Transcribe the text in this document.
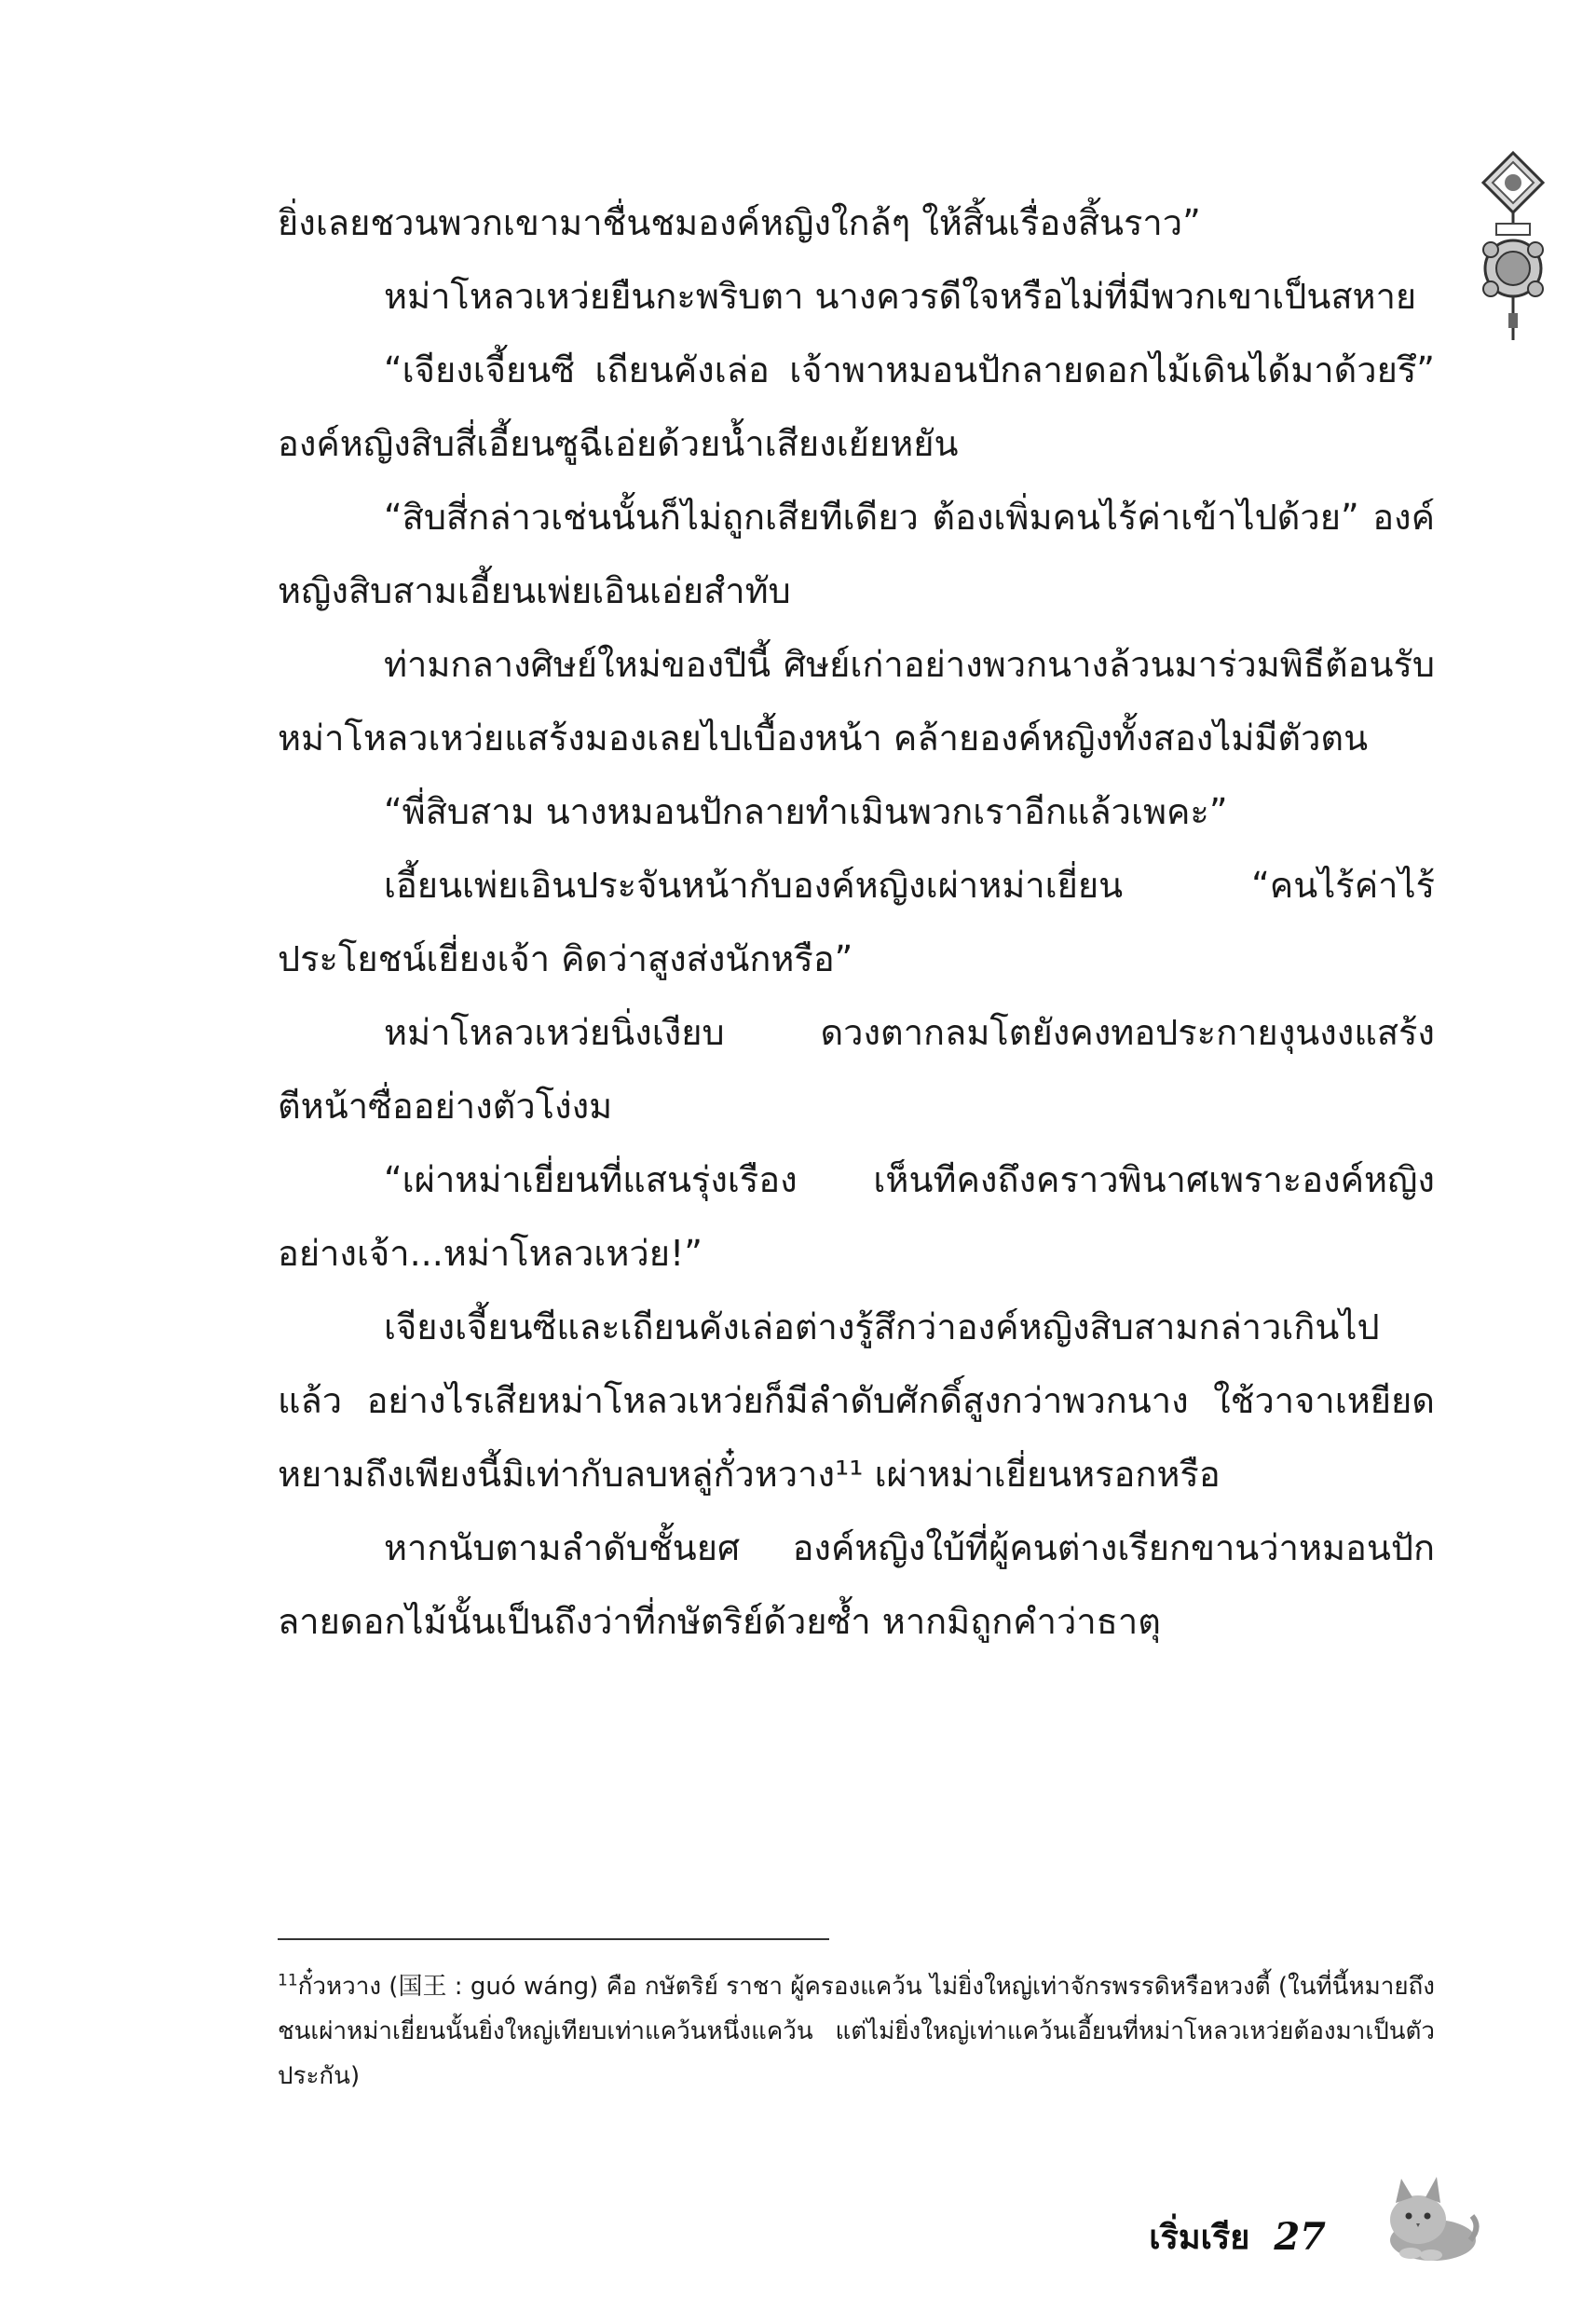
ยิ่งเลยชวนพวกเขามาชื่นชมองค์หญิงใกล้ๆ ให้สิ้นเรื่องสิ้นราว”

หม่าโหลวเหว่ยยืนกะพริบตา นางควรดีใจหรือไม่ที่มีพวกเขาเป็นสหาย

“เจียงเจี้ยนซี เถียนคังเล่อ เจ้าพาหมอนปักลายดอกไม้เดินได้มาด้วยรึ” องค์หญิงสิบสี่เอี้ยนซูฉีเอ่ยด้วยน้ำเสียงเย้ยหยัน

“สิบสี่กล่าวเช่นนั้นก็ไม่ถูกเสียทีเดียว ต้องเพิ่มคนไร้ค่าเข้าไปด้วย” องค์หญิงสิบสามเอี้ยนเพ่ยเอินเอ่ยสำทับ

ท่ามกลางศิษย์ใหม่ของปีนี้ ศิษย์เก่าอย่างพวกนางล้วนมาร่วมพิธีต้อนรับ หม่าโหลวเหว่ยแสร้งมองเลยไปเบื้องหน้า คล้ายองค์หญิงทั้งสองไม่มีตัวตน

“พี่สิบสาม นางหมอนปักลายทำเมินพวกเราอีกแล้วเพคะ”

เอี้ยนเพ่ยเอินประจันหน้ากับองค์หญิงเผ่าหม่าเยี่ยน “คนไร้ค่าไร้ประโยชน์เยี่ยงเจ้า คิดว่าสูงส่งนักหรือ”

หม่าโหลวเหว่ยนิ่งเงียบ ดวงตากลมโตยังคงทอประกายงุนงงแสร้งตีหน้าซื่ออย่างตัวโง่งม

“เผ่าหม่าเยี่ยนที่แสนรุ่งเรือง เห็นทีคงถึงคราวพินาศเพราะองค์หญิงอย่างเจ้า...หม่าโหลวเหว่ย!”

เจียงเจี้ยนซีและเถียนคังเล่อต่างรู้สึกว่าองค์หญิงสิบสามกล่าวเกินไปแล้ว อย่างไรเสียหม่าโหลวเหว่ยก็มีลำดับศักดิ์สูงกว่าพวกนาง ใช้วาจาเหยียดหยามถึงเพียงนี้มิเท่ากับลบหลู่กั๋วหวาง¹¹ เผ่าหม่าเยี่ยนหรอกหรือ

หากนับตามลำดับชั้นยศ องค์หญิงใบ้ที่ผู้คนต่างเรียกขานว่าหมอนปักลายดอกไม้นั้นเป็นถึงว่าที่กษัตริย์ด้วยซ้ำ หากมิถูกคำว่าธาตุ

$^{11}$กั๋วหวาง (国王 : guó wáng) คือ กษัตริย์ ราชา ผู้ครองแคว้น ไม่ยิ่งใหญ่เท่าจักรพรรดิหรือหวงตี้ (ในที่นี้หมายถึงชนเผ่าหม่าเยี่ยนนั้นยิ่งใหญ่เทียบเท่าแคว้นหนึ่งแคว้น แต่ไม่ยิ่งใหญ่เท่าแคว้นเอี้ยนที่หม่าโหลวเหว่ยต้องมาเป็นตัวประกัน)

เริ่มเรีย 27
